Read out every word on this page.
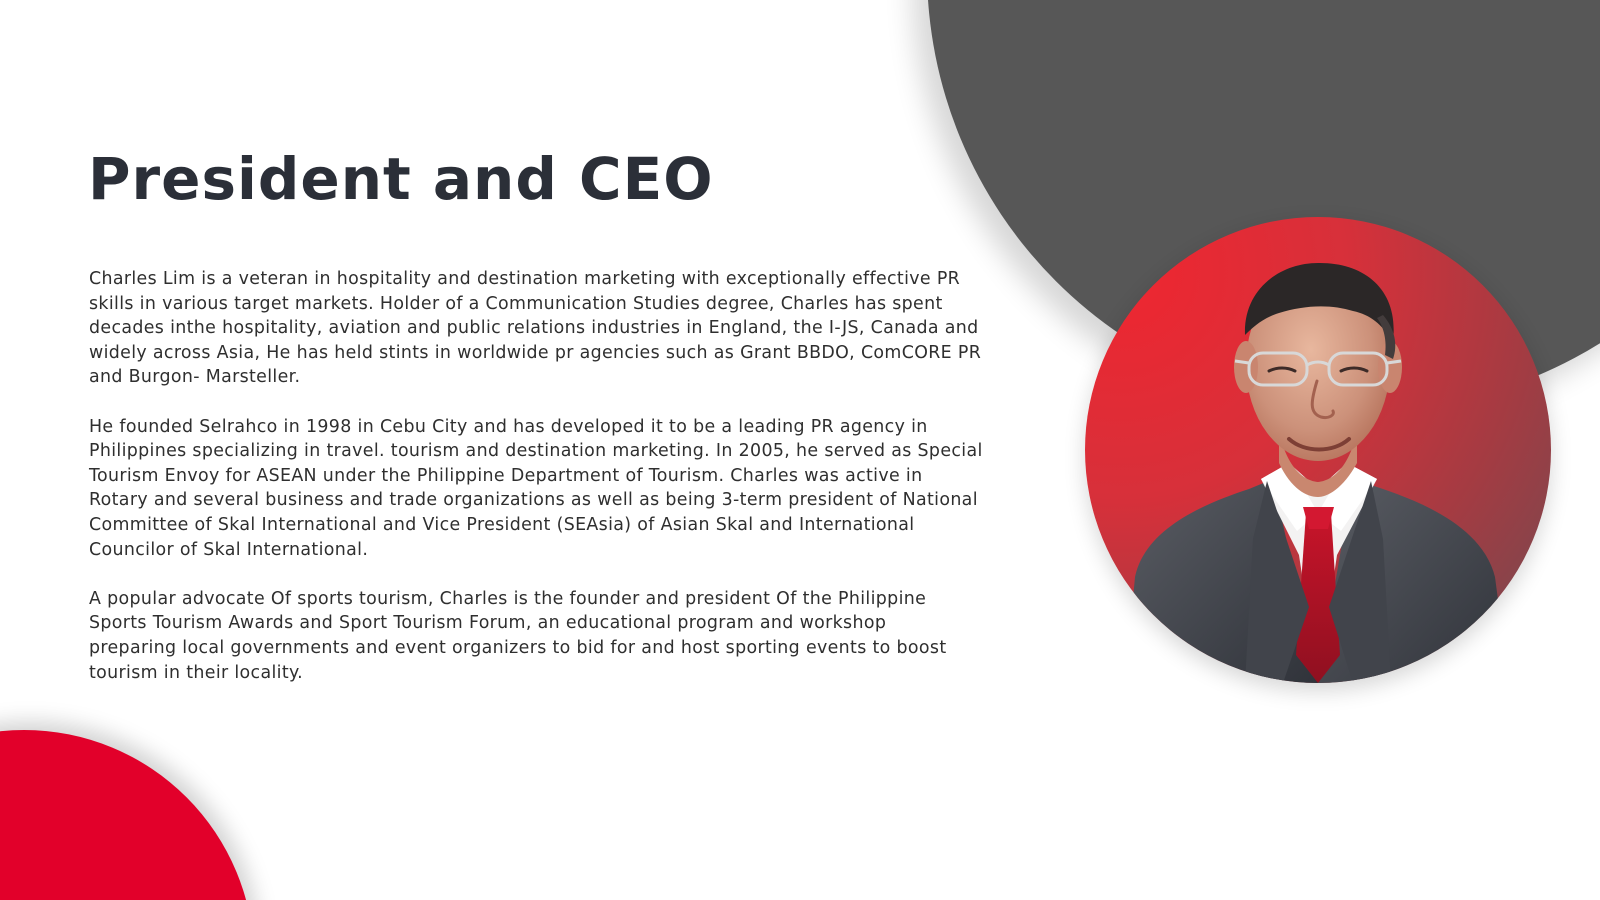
President and CEO

Charles Lim is a veteran in hospitality and destination marketing with exceptionally effective PR
skills in various target markets. Holder of a Communication Studies degree, Charles has spent
decades inthe hospitality, aviation and public relations industries in England, the I-JS, Canada and
widely across Asia, He has held stints in worldwide pr agencies such as Grant BBDO, ComCORE PR
and Burgon- Marsteller.

He founded Selrahco in 1998 in Cebu City and has developed it to be a leading PR agency in
Philippines specializing in travel. tourism and destination marketing. In 2005, he served as Special
Tourism Envoy for ASEAN under the Philippine Department of Tourism. Charles was active in
Rotary and several business and trade organizations as well as being 3-term president of National
Committee of Skal International and Vice President (SEAsia) of Asian Skal and International
Councilor of Skal International.

A popular advocate Of sports tourism, Charles is the founder and president Of the Philippine
Sports Tourism Awards and Sport Tourism Forum, an educational program and workshop
preparing local governments and event organizers to bid for and host sporting events to boost
tourism in their locality.
